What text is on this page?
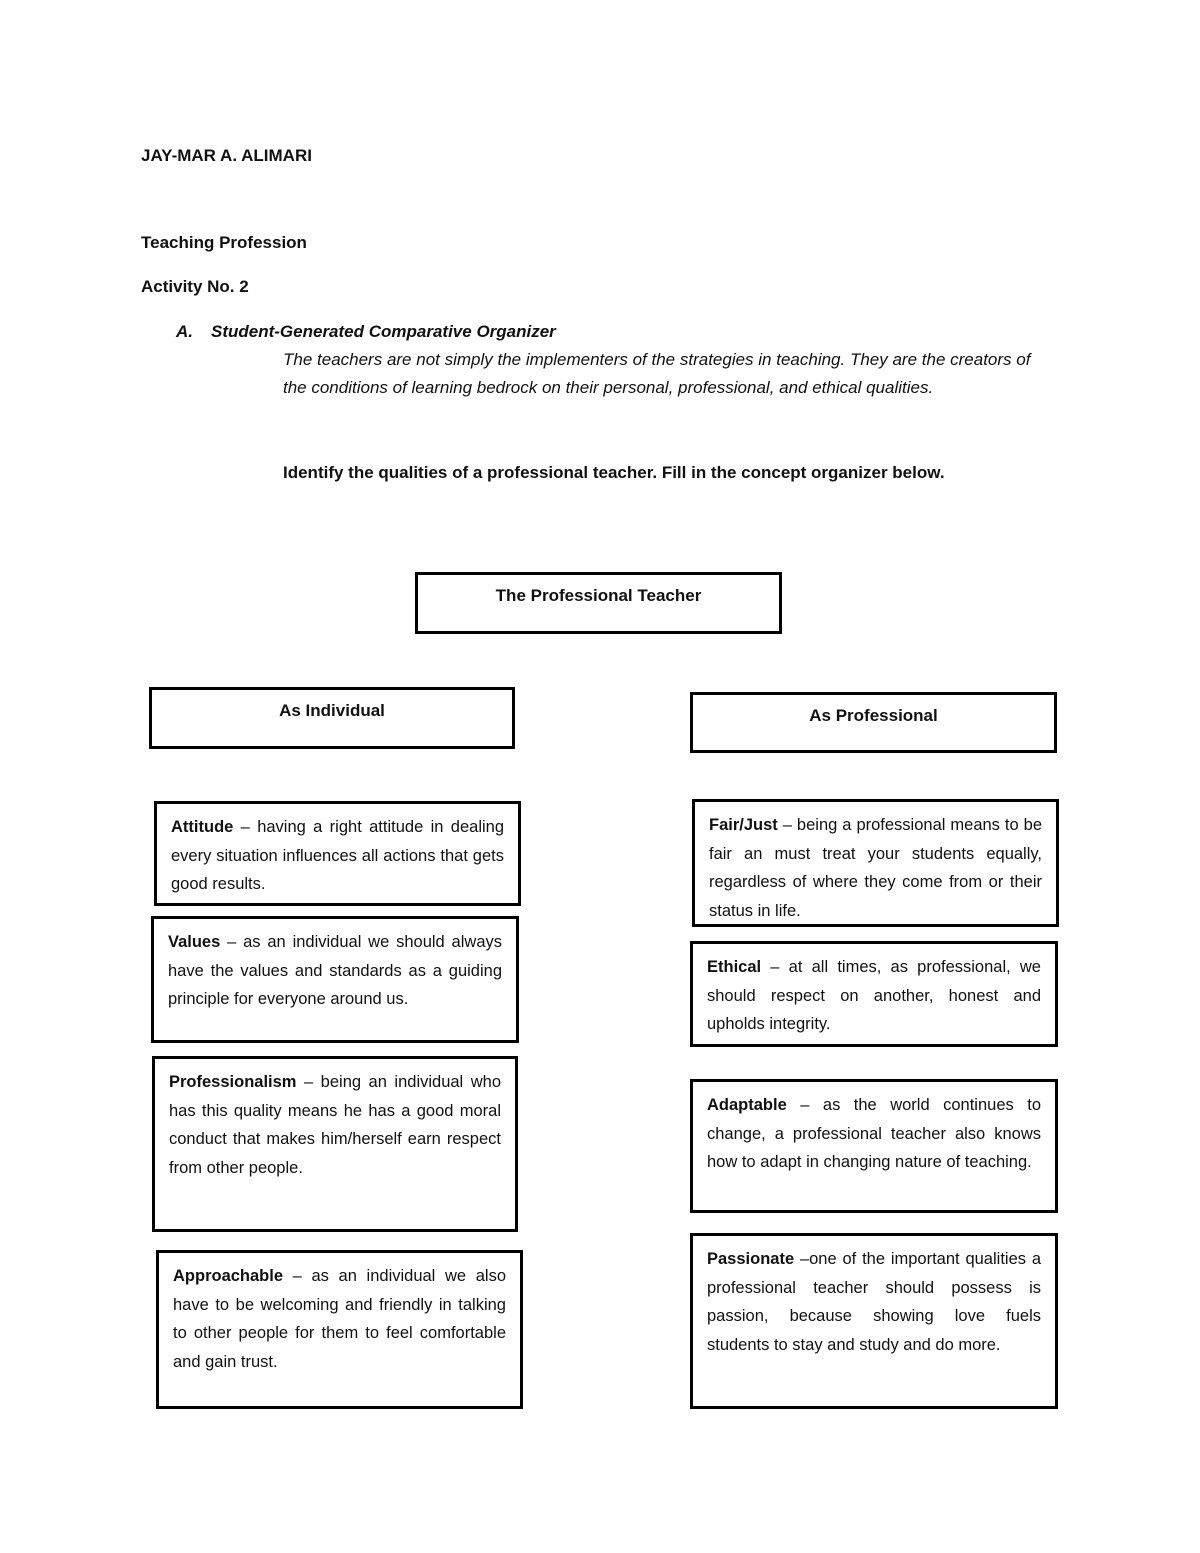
JAY-MAR A. ALIMARI
Teaching Profession
Activity No. 2
A. Student-Generated Comparative Organizer
The teachers are not simply the implementers of the strategies in teaching. They are the creators of the conditions of learning bedrock on their personal, professional, and ethical qualities.
Identify the qualities of a professional teacher. Fill in the concept organizer below.
The Professional Teacher
As Individual	As Professional
Attitude – having a right attitude in dealing every situation influences all actions that gets good results.
Values – as an individual we should always have the values and standards as a guiding principle for everyone around us.
Professionalism – being an individual who has this quality means he has a good moral conduct that makes him/herself earn respect from other people.
Approachable – as an individual we also have to be welcoming and friendly in talking to other people for them to feel comfortable and gain trust.
Fair/Just – being a professional means to be fair an must treat your students equally, regardless of where they come from or their status in life.
Ethical – at all times, as professional, we should respect on another, honest and upholds integrity.
Adaptable – as the world continues to change, a professional teacher also knows how to adapt in changing nature of teaching.
Passionate –one of the important qualities a professional teacher should possess is passion, because showing love fuels students to stay and study and do more.
